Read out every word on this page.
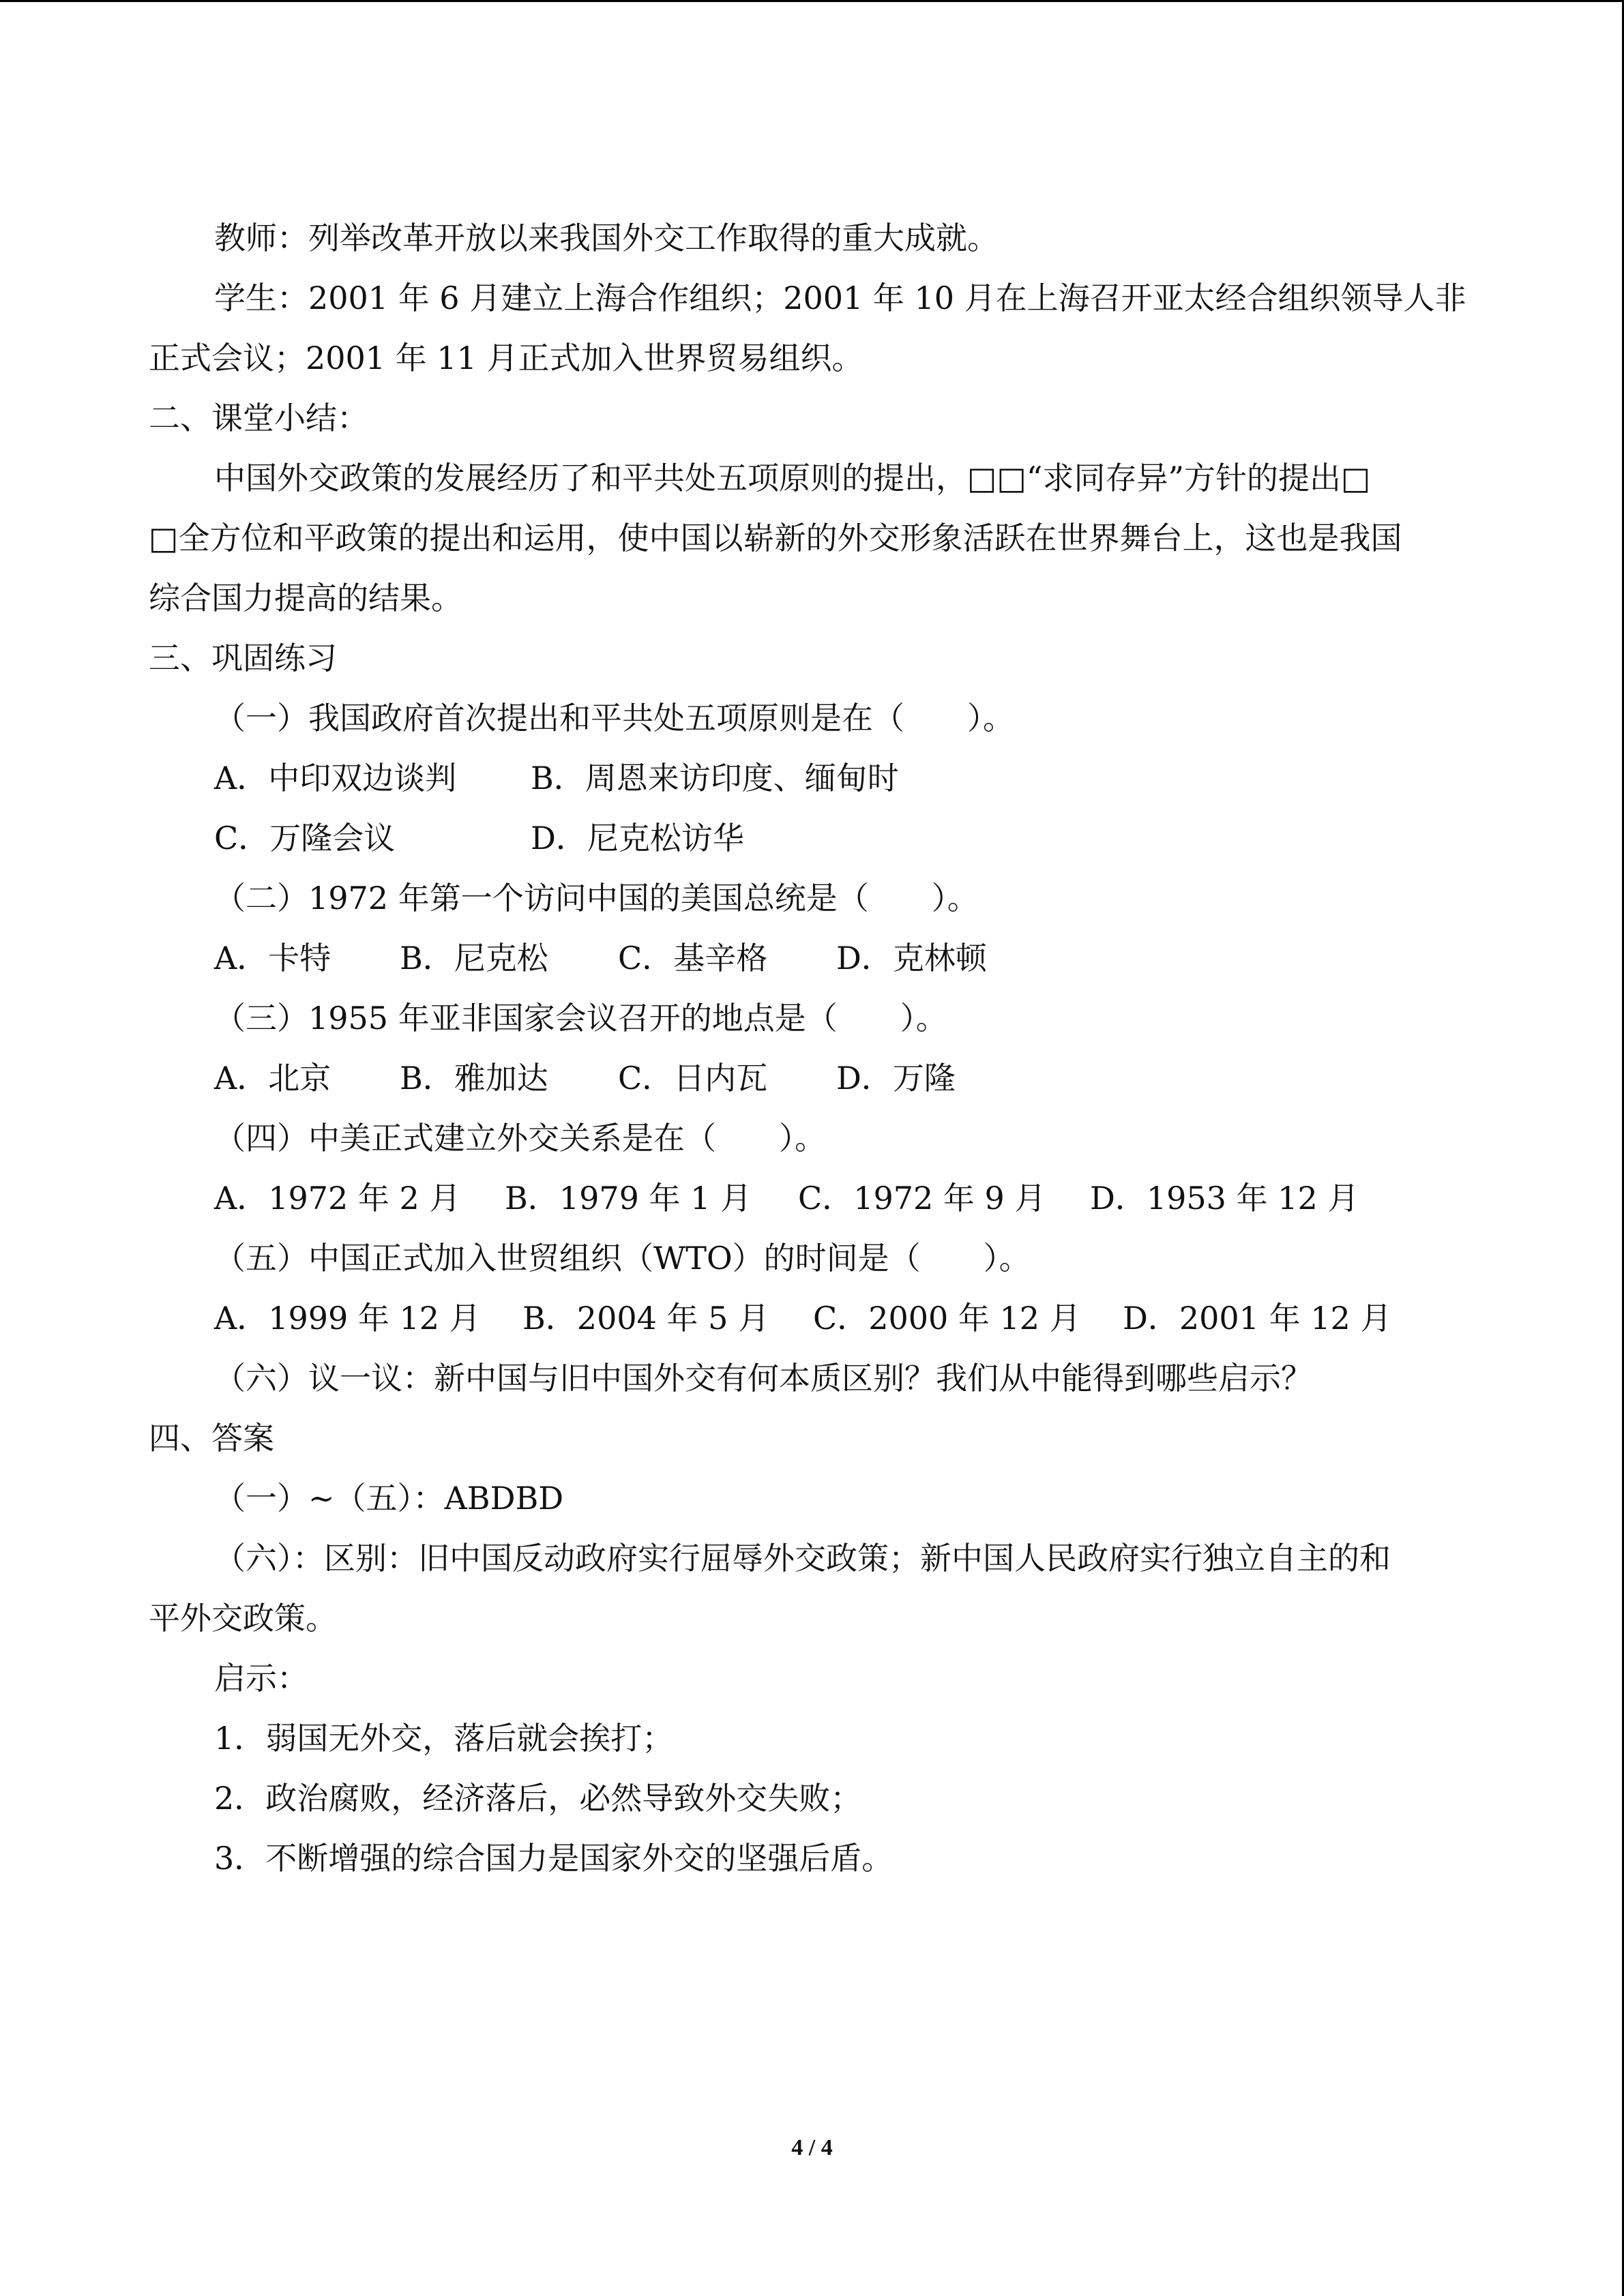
教师：列举改革开放以来我国外交工作取得的重大成就。
学生：2001 年 6 月建立上海合作组织；2001 年 10 月在上海召开亚太经合组织领导人非
正式会议；2001 年 11 月正式加入世界贸易组织。
二、课堂小结：
中国外交政策的发展经历了和平共处五项原则的提出，□□“求同存异”方针的提出□
□全方位和平政策的提出和运用，使中国以崭新的外交形象活跃在世界舞台上，这也是我国
综合国力提高的结果。
三、巩固练习
（一）我国政府首次提出和平共处五项原则是在（　　）。
A．中印双边谈判 B．周恩来访印度、缅甸时
C．万隆会议	D．尼克松访华
（二）1972 年第一个访问中国的美国总统是（　　）。
A．卡特 B．尼克松 C．基辛格 D．克林顿
（三）1955 年亚非国家会议召开的地点是（　　）。
A．北京 B．雅加达 C．日内瓦 D．万隆
（四）中美正式建立外交关系是在（　　）。
A．1972 年 2 月 B．1979 年 1 月 C．1972 年 9 月 D．1953 年 12 月
（五）中国正式加入世贸组织（WTO）的时间是（　　）。
A．1999 年 12 月 B．2004 年 5 月 C．2000 年 12 月 D．2001 年 12 月
（六）议一议：新中国与旧中国外交有何本质区别？我们从中能得到哪些启示？
四、答案
（一）~（五）：ABDBD
（六）：区别：旧中国反动政府实行屈辱外交政策；新中国人民政府实行独立自主的和
平外交政策。
启示：
1．弱国无外交，落后就会挨打；
2．政治腐败，经济落后，必然导致外交失败；
3．不断增强的综合国力是国家外交的坚强后盾。
4 / 4
